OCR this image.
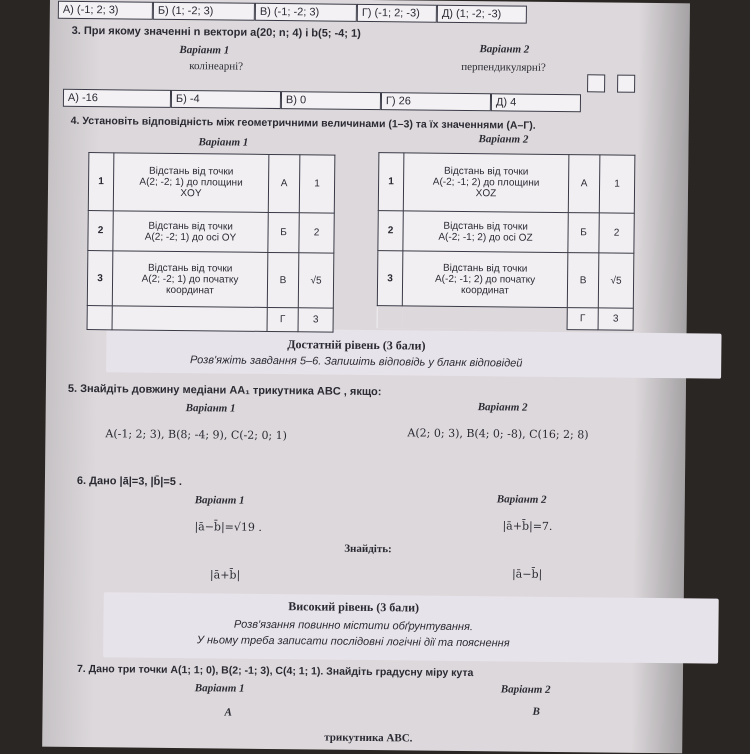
А) (-1; 2; 3)	Б) (1; -2; 3)	В) (-1; -2; 3)	Г) (-1; 2; -3)	Д) (1; -2; -3)
3. При якому значенні n вектори a(20; n; 4) і b(5; -4; 1)
Варіант 1
колінеарні?
Варіант 2
перпендикулярні?
А) -16	Б) -4	В) 0	Г) 26	Д) 4
4. Установіть відповідність між геометричними величинами (1–3) та їх значеннями (А–Г).
Варіант 1	Варіант 2
1	Відстань від точки
A(2; -2; 1) до площини
XOY	А	1
2	Відстань від точки
A(2; -2; 1) до осі OY	Б	2
3	Відстань від точки
A(2; -2; 1) до початку
координат	В	√5
		Г	3
1	Відстань від точки
A(-2; -1; 2) до площини
XOZ	А	1
2	Відстань від точки
A(-2; -1; 2) до осі OZ	Б	2
3	Відстань від точки
A(-2; -1; 2) до початку
координат	В	√5
		Г	3
Достатній рівень (3 бали)
Розв'яжіть завдання 5–6. Запишіть відповідь у бланк відповідей
5. Знайдіть довжину медіани AA₁ трикутника ABC , якщо:
Варіант 1	Варіант 2
A(-1; 2; 3), B(8; -4; 9), C(-2; 0; 1)	A(2; 0; 3), B(4; 0; -8), C(16; 2; 8)
6. Дано |ā|=3, |b̄|=5 .
Варіант 1	Варіант 2
|ā−b̄|=√19 .	|ā+b̄|=7.
Знайдіть:
|ā+b̄|	|ā−b̄|
Високий рівень (3 бали)
Розв'язання повинно містити обґрунтування.
У ньому треба записати послідовні логічні дії та пояснення
7. Дано три точки A(1; 1; 0), B(2; -1; 3), C(4; 1; 1). Знайдіть градусну міру кута
Варіант 1	Варіант 2
A	B
трикутника ABC.
